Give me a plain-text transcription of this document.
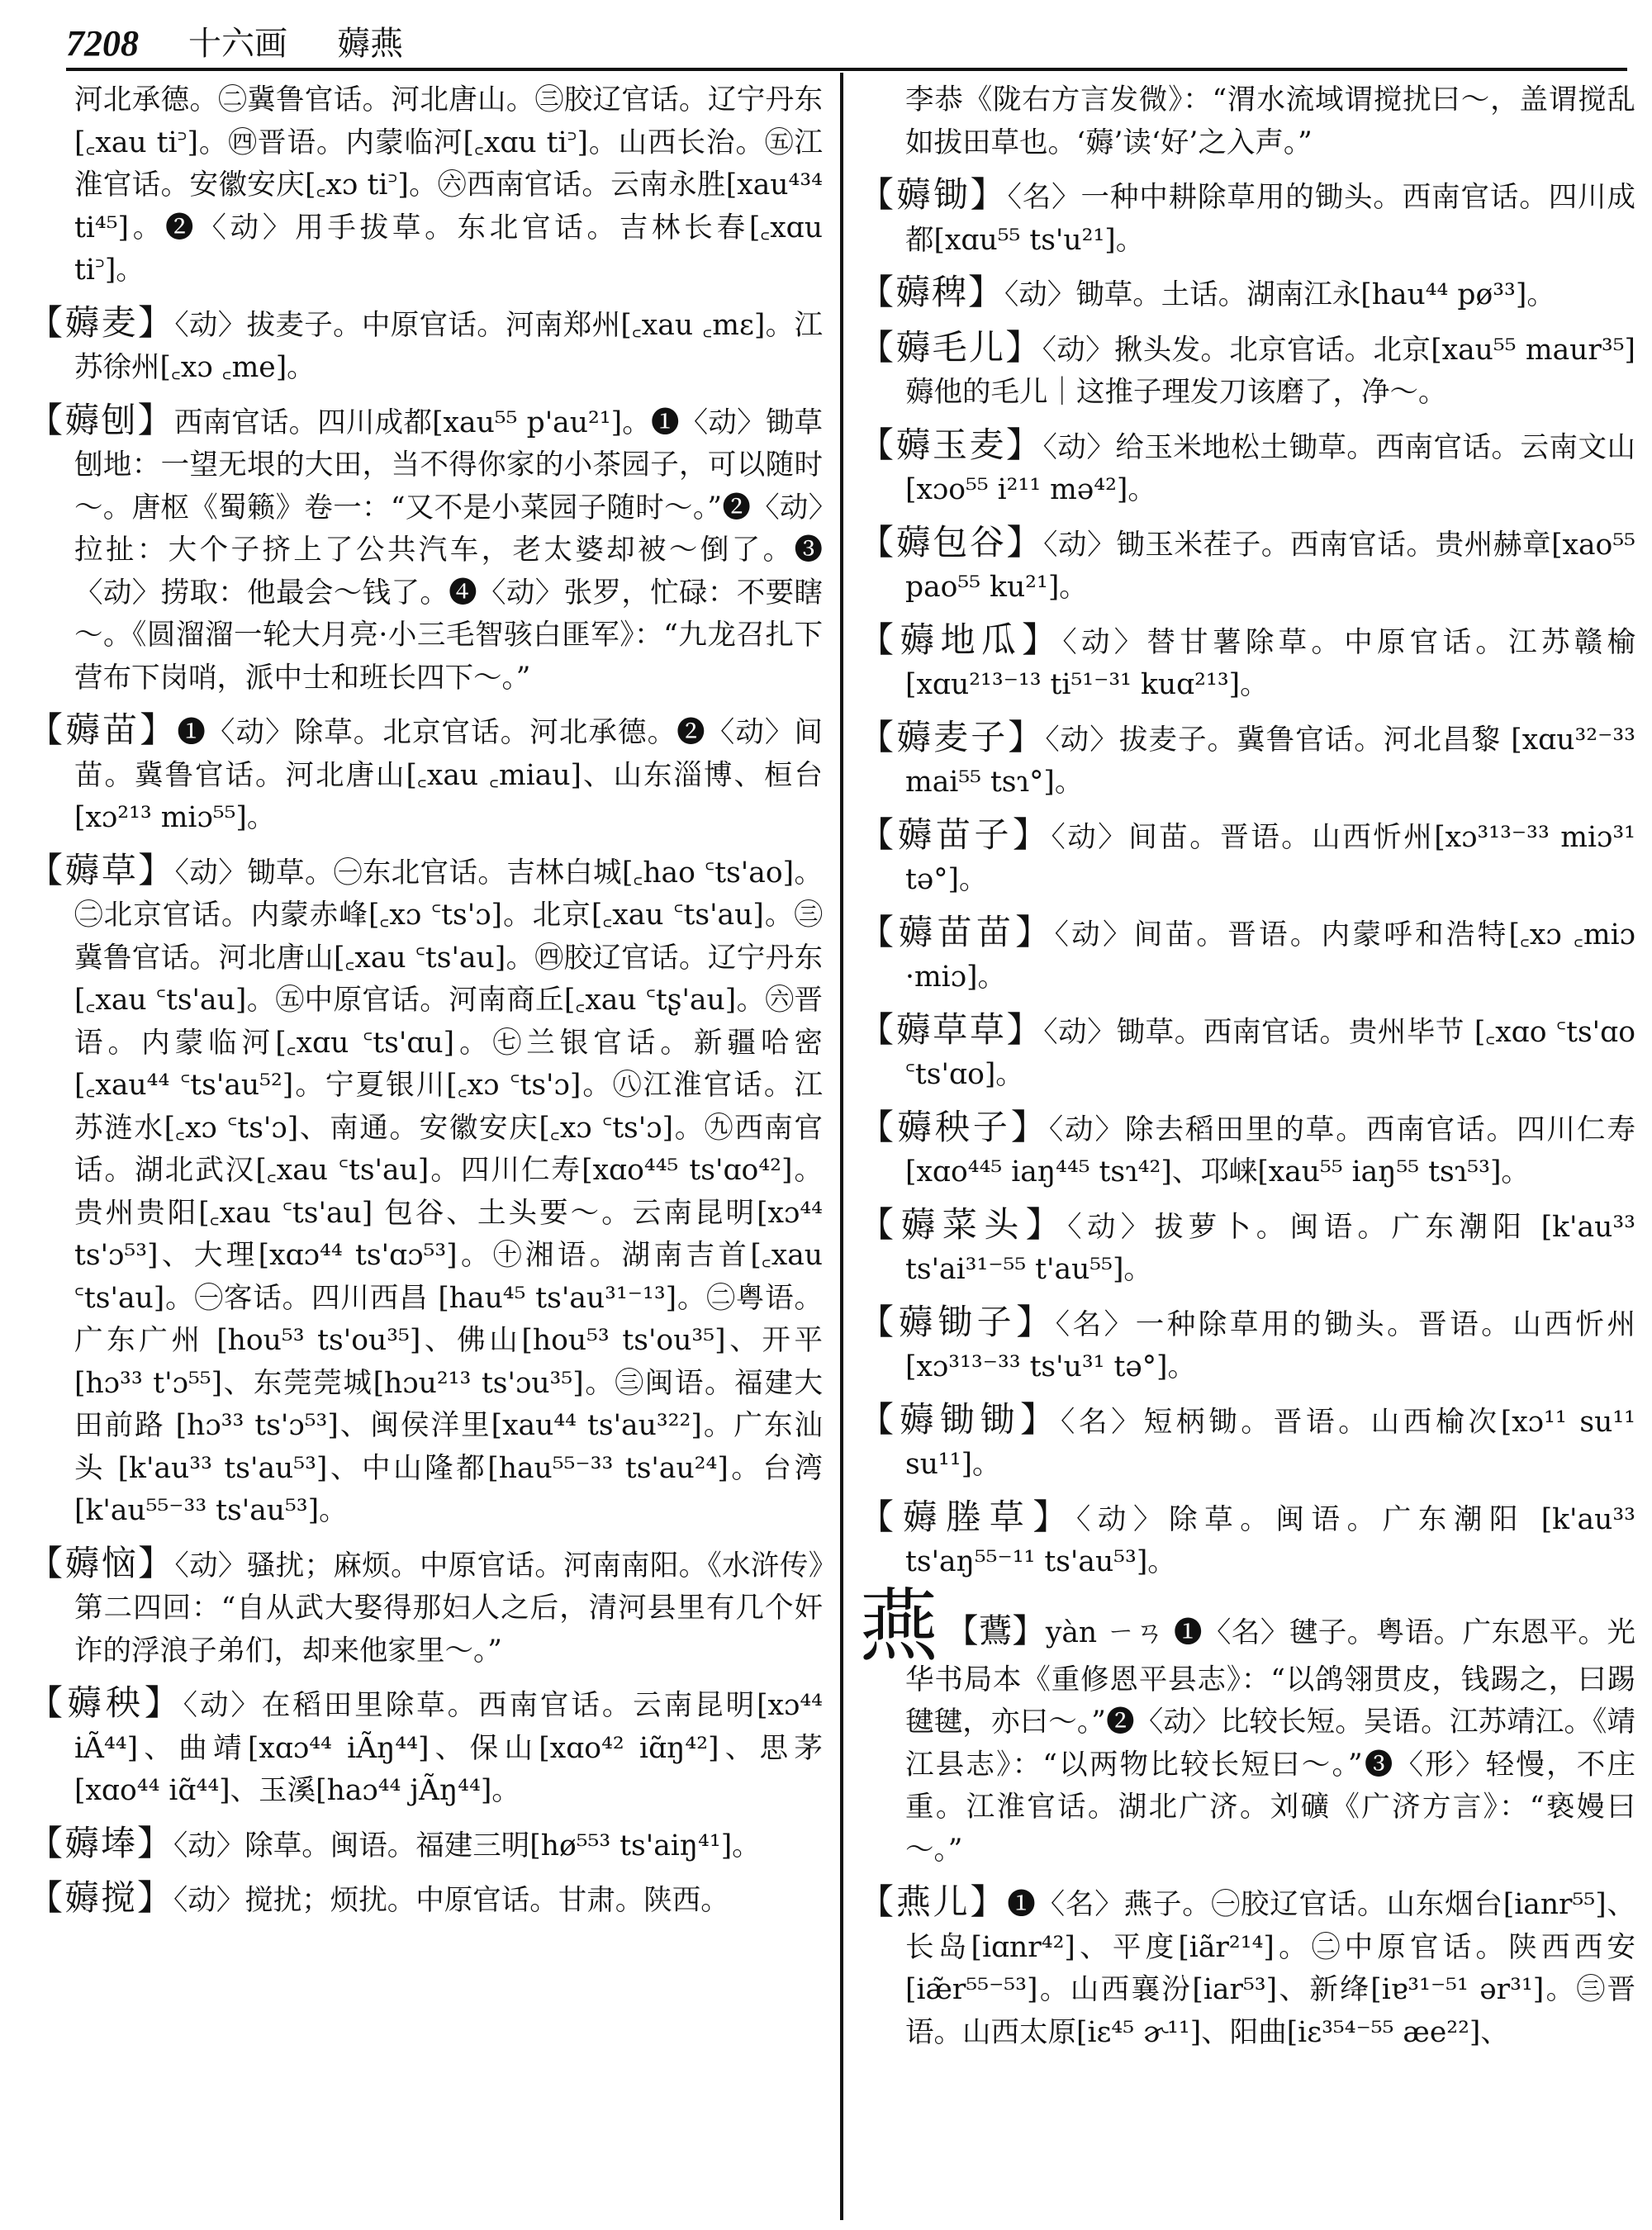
7208 十六画 薅燕

河北承德。㊁冀鲁官话。河北唐山。㊂胶辽官话。辽宁丹东[꜀xau ti꜄]。㊃晋语。内蒙临河[꜀xɑu ti꜄]。山西长治。㊄江淮官话。安徽安庆[꜀xɔ ti꜄]。㊅西南官话。云南永胜[xau⁴³⁴ ti⁴⁵]。❷〈动〉用手拔草。东北官话。吉林长春[꜀xɑu ti꜄]。

【薅麦】〈动〉拔麦子。中原官话。河南郑州[꜀xau ꜀mɛ]。江苏徐州[꜀xɔ ꜀me]。

【薅刨】西南官话。四川成都[xau⁵⁵ p'au²¹]。❶〈动〉锄草刨地：一望无垠的大田，当不得你家的小茶园子，可以随时～。唐枢《蜀籁》卷一：“又不是小菜园子随时～。”❷〈动〉拉扯：大个子挤上了公共汽车，老太婆却被～倒了。❸〈动〉捞取：他最会～钱了。❹〈动〉张罗，忙碌：不要瞎～。《圆溜溜一轮大月亮·小三毛智骇白匪军》：“九龙召扎下营布下岗哨，派中士和班长四下～。”

【薅苗】❶〈动〉除草。北京官话。河北承德。❷〈动〉间苗。冀鲁官话。河北唐山[꜀xau ꜀miau]、山东淄博、桓台[xɔ²¹³ miɔ⁵⁵]。

【薅草】〈动〉锄草。㊀东北官话。吉林白城[꜀hao ꜂ts'ao]。㊁北京官话。内蒙赤峰[꜀xɔ ꜂ts'ɔ]。北京[꜀xau ꜂ts'au]。㊂冀鲁官话。河北唐山[꜀xau ꜂ts'au]。㊃胶辽官话。辽宁丹东[꜀xau ꜂ts'au]。㊄中原官话。河南商丘[꜀xau ꜂tʂ'au]。㊅晋语。内蒙临河[꜀xɑu ꜂ts'ɑu]。㊆兰银官话。新疆哈密[꜀xau⁴⁴ ꜂ts'au⁵²]。宁夏银川[꜀xɔ ꜂ts'ɔ]。㊇江淮官话。江苏涟水[꜀xɔ ꜂ts'ɔ]、南通。安徽安庆[꜀xɔ ꜂ts'ɔ]。㊈西南官话。湖北武汉[꜀xau ꜂ts'au]。四川仁寿[xɑo⁴⁴⁵ ts'ɑo⁴²]。贵州贵阳[꜀xau ꜂ts'au] 包谷、土头要～。云南昆明[xɔ⁴⁴ ts'ɔ⁵³]、大理[xɑɔ⁴⁴ ts'ɑɔ⁵³]。㊉湘语。湖南吉首[꜀xau ꜂ts'au]。㊀客话。四川西昌 [hau⁴⁵ ts'au³¹⁻¹³]。㊁粤语。广东广州 [hou⁵³ ts'ou³⁵]、佛山[hou⁵³ ts'ou³⁵]、开平[hɔ³³ t'ɔ⁵⁵]、东莞莞城[hɔu²¹³ ts'ɔu³⁵]。㊂闽语。福建大田前路 [hɔ³³ ts'ɔ⁵³]、闽侯洋里[xau⁴⁴ ts'au³²²]。广东汕头 [k'au³³ ts'au⁵³]、中山隆都[hau⁵⁵⁻³³ ts'au²⁴]。台湾[k'au⁵⁵⁻³³ ts'au⁵³]。

【薅恼】〈动〉骚扰；麻烦。中原官话。河南南阳。《水浒传》第二四回：“自从武大娶得那妇人之后，清河县里有几个奸诈的浮浪子弟们，却来他家里～。”

【薅秧】〈动〉在稻田里除草。西南官话。云南昆明[xɔ⁴⁴ iÃ⁴⁴]、曲靖[xɑɔ⁴⁴ iÃŋ⁴⁴]、保山[xɑo⁴² iɑ̃ŋ⁴²]、思茅[xɑo⁴⁴ iɑ̃⁴⁴]、玉溪[haɔ⁴⁴ jÃŋ⁴⁴]。

【薅埲】〈动〉除草。闽语。福建三明[hø⁵⁵³ ts'aiŋ⁴¹]。

【薅搅】〈动〉搅扰；烦扰。中原官话。甘肃。陕西。

李恭《陇右方言发微》：“渭水流域谓搅扰曰～，盖谓搅乱如拔田草也。‘薅’读‘好’之入声。”

【薅锄】〈名〉一种中耕除草用的锄头。西南官话。四川成都[xɑu⁵⁵ ts'u²¹]。

【薅稗】〈动〉锄草。土话。湖南江永[hau⁴⁴ pø³³]。

【薅毛儿】〈动〉揪头发。北京官话。北京[xau⁵⁵ maur³⁵] 薅他的毛儿｜这推子理发刀该磨了，净～。

【薅玉麦】〈动〉给玉米地松土锄草。西南官话。云南文山[xɔo⁵⁵ i²¹¹ mə⁴²]。

【薅包谷】〈动〉锄玉米茬子。西南官话。贵州赫章[xao⁵⁵ pao⁵⁵ ku²¹]。

【薅地瓜】〈动〉替甘薯除草。中原官话。江苏赣榆[xɑu²¹³⁻¹³ ti⁵¹⁻³¹ kuɑ²¹³]。

【薅麦子】〈动〉拔麦子。冀鲁官话。河北昌黎 [xɑu³²⁻³³ mai⁵⁵ tsɿ°]。

【薅苗子】〈动〉间苗。晋语。山西忻州[xɔ³¹³⁻³³ miɔ³¹ tə°]。

【薅苗苗】〈动〉间苗。晋语。内蒙呼和浩特[꜀xɔ ꜀miɔ ·miɔ]。

【薅草草】〈动〉锄草。西南官话。贵州毕节 [꜀xɑo ꜂ts'ɑo ꜂ts'ɑo]。

【薅秧子】〈动〉除去稻田里的草。西南官话。四川仁寿[xɑo⁴⁴⁵ iaŋ⁴⁴⁵ tsɿ⁴²]、邛崃[xau⁵⁵ iaŋ⁵⁵ tsɿ⁵³]。

【薅菜头】〈动〉拔萝卜。闽语。广东潮阳 [k'au³³ ts'ai³¹⁻⁵⁵ t'au⁵⁵]。

【薅锄子】〈名〉一种除草用的锄头。晋语。山西忻州[xɔ³¹³⁻³³ ts'u³¹ tə°]。

【薅锄锄】〈名〉短柄锄。晋语。山西榆次[xɔ¹¹ su¹¹ su¹¹]。

【薅塍草】〈动〉除草。闽语。广东潮阳 [k'au³³ ts'aŋ⁵⁵⁻¹¹ ts'au⁵³]。

燕 【鷰】yàn ㄧㄢ ❶〈名〉毽子。粤语。广东恩平。光华书局本《重修恩平县志》：“以鸽翎贯皮，钱踢之，曰踢毽毽，亦曰～。”❷〈动〉比较长短。吴语。江苏靖江。《靖江县志》：“以两物比较长短曰～。”❸〈形〉轻慢，不庄重。江淮官话。湖北广济。刘礦《广济方言》：“亵嫚曰～。”

【燕儿】❶〈名〉燕子。㊀胶辽官话。山东烟台[ianr⁵⁵]、长岛[iɑnr⁴²]、平度[iãr²¹⁴]。㊁中原官话。陕西西安[iæ̃r⁵⁵⁻⁵³]。山西襄汾[iar⁵³]、新绛[iɐ³¹⁻⁵¹ ər³¹]。㊂晋语。山西太原[iɛ⁴⁵ ɚ¹¹]、阳曲[iɛ³⁵⁴⁻⁵⁵ æe²²]、
